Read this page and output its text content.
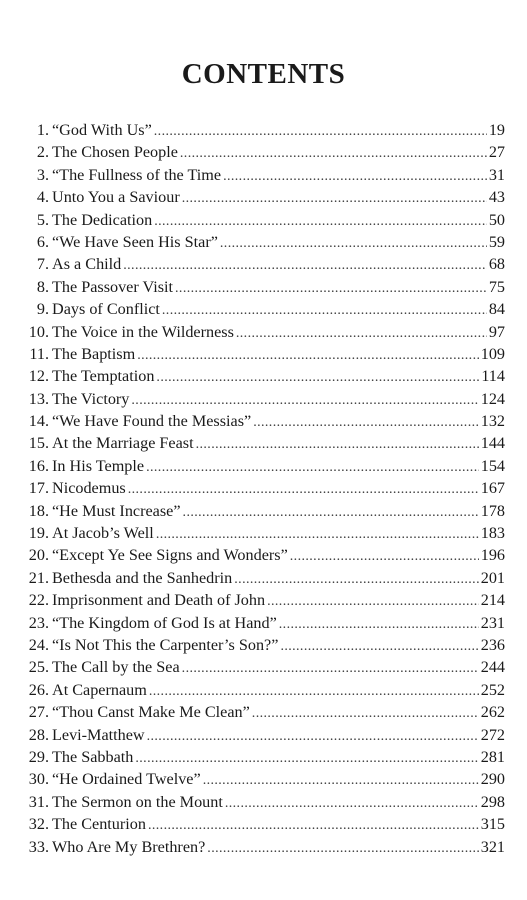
CONTENTS
1. “God With Us” .....	19
2. The Chosen People .....	27
3. “The Fullness of the Time .....	31
4. Unto You a Saviour .....	43
5. The Dedication .....	50
6. “We Have Seen His Star” .....	59
7. As a Child .....	68
8. The Passover Visit .....	75
9. Days of Conflict .....	84
10. The Voice in the Wilderness .....	97
11. The Baptism .....	109
12. The Temptation .....	114
13. The Victory .....	124
14. “We Have Found the Messias” .....	132
15. At the Marriage Feast .....	144
16. In His Temple .....	154
17. Nicodemus .....	167
18. “He Must Increase” .....	178
19. At Jacob’s Well .....	183
20. “Except Ye See Signs and Wonders” .....	196
21. Bethesda and the Sanhedrin .....	201
22. Imprisonment and Death of John .....	214
23. “The Kingdom of God Is at Hand” .....	231
24. “Is Not This the Carpenter’s Son?” .....	236
25. The Call by the Sea .....	244
26. At Capernaum .....	252
27. “Thou Canst Make Me Clean” .....	262
28. Levi-Matthew .....	272
29. The Sabbath .....	281
30. “He Ordained Twelve” .....	290
31. The Sermon on the Mount .....	298
32. The Centurion .....	315
33. Who Are My Brethren? .....	321
